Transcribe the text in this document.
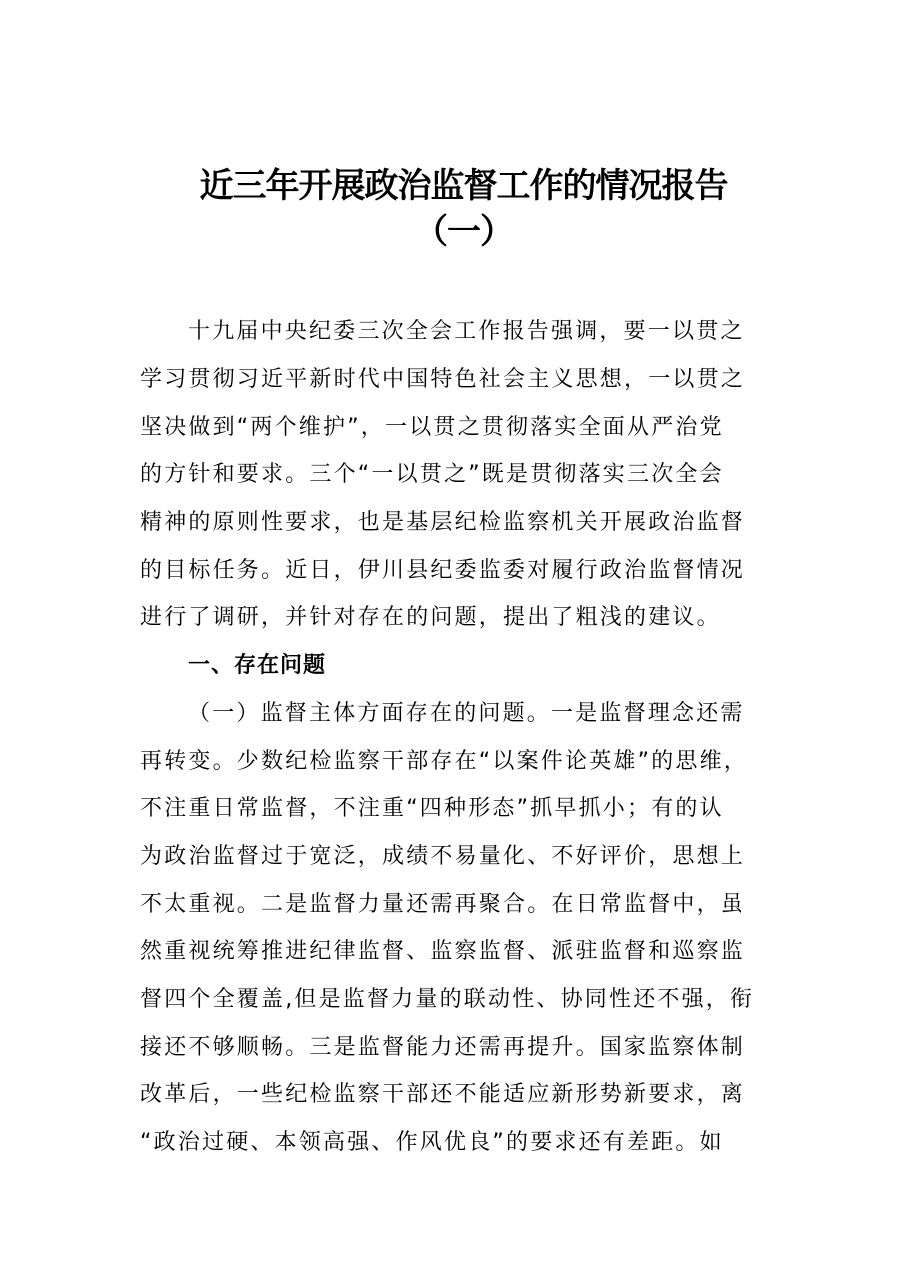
近三年开展政治监督工作的情况报告
（一）
十九届中央纪委三次全会工作报告强调，要一以贯之
学习贯彻习近平新时代中国特色社会主义思想，一以贯之
坚决做到“两个维护”，一以贯之贯彻落实全面从严治党
的方针和要求。三个“一以贯之”既是贯彻落实三次全会
精神的原则性要求，也是基层纪检监察机关开展政治监督
的目标任务。近日，伊川县纪委监委对履行政治监督情况
进行了调研，并针对存在的问题，提出了粗浅的建议。
一、存在问题
（一）监督主体方面存在的问题。一是监督理念还需
再转变。少数纪检监察干部存在“以案件论英雄”的思维，
不注重日常监督，不注重“四种形态”抓早抓小；有的认
为政治监督过于宽泛，成绩不易量化、不好评价，思想上
不太重视。二是监督力量还需再聚合。在日常监督中，虽
然重视统筹推进纪律监督、监察监督、派驻监督和巡察监
督四个全覆盖,但是监督力量的联动性、协同性还不强，衔
接还不够顺畅。三是监督能力还需再提升。国家监察体制
改革后，一些纪检监察干部还不能适应新形势新要求，离
“政治过硬、本领高强、作风优良”的要求还有差距。如
